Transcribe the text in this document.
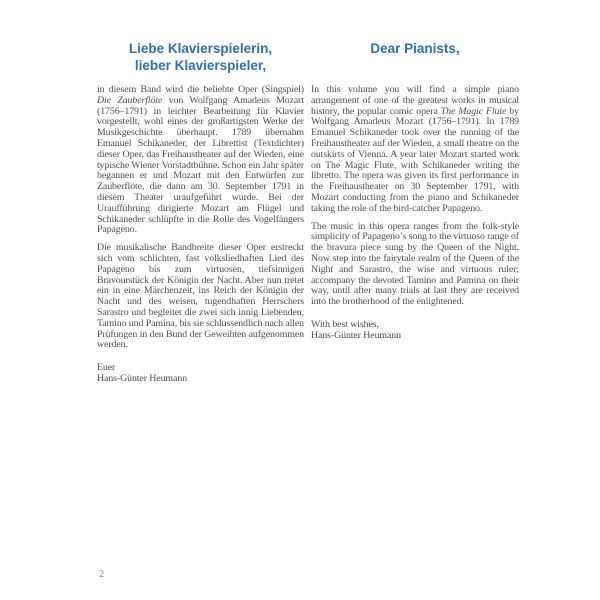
Liebe Klavierspielerin,
lieber Klavierspieler,

in diesem Band wird die beliebte Oper (Singspiel) Die Zauberflöte von Wolfgang Amadeus Mozart (1756–1791) in leichter Bearbeitung für Klavier vorgestellt, wohl eines der großartigsten Werke der Musikgeschichte überhaupt. 1789 übernahm Emanuel Schikaneder, der Librettist (Textdichter) dieser Oper, das Freihaustheater auf der Wieden, eine typische Wiener Vorstadtbühne. Schon ein Jahr später begannen er und Mozart mit den Entwürfen zur Zauberflöte, die dann am 30. September 1791 in diesem Theater uraufgeführt wurde. Bei der Uraufführung dirigierte Mozart am Flügel und Schikaneder schlüpfte in die Rolle des Vogelfängers Papageno.

Die musikalische Bandbreite dieser Oper erstreckt sich vom schlichten, fast volksliedhaften Lied des Papageno bis zum virtuosen, tiefsinnigen Bravourstück der Königin der Nacht. Aber nun tretet ein in eine Märchenzeit, ins Reich der Königin der Nacht und des weisen, tugendhaften Herrschers Sarastro und begleitet die zwei sich innig Liebenden, Tamino und Pamina, bis sie schlussendlich nach allen Prüfungen in den Bund der Geweihten aufgenommen werden.

Euer
Hans-Günter Heumann
Dear Pianists,

In this volume you will find a simple piano arrangement of one of the greatest works in musical history, the popular comic opera The Magic Flute by Wolfgang Amadeus Mozart (1756–1791). In 1789 Emanuel Schikaneder took over the running of the Freihaustheater auf der Wieden, a small theatre on the outskirts of Vienna. A year later Mozart started work on The Magic Flute, with Schikaneder writing the libretto. The opera was given its first performance in the Freihaustheater on 30 September 1791, with Mozart conducting from the piano and Schikaneder taking the role of the bird-catcher Papageno.

The music in this opera ranges from the folk-style simplicity of Papageno’s song to the virtuoso range of the bravura piece sung by the Queen of the Night. Now step into the fairytale realm of the Queen of the Night and Sarastro, the wise and virtuous ruler; accompany the devoted Tamino and Pamina on their way, until after many trials at last they are received into the brotherhood of the enlightened.

With best wishes,
Hans-Günter Heumann
2
